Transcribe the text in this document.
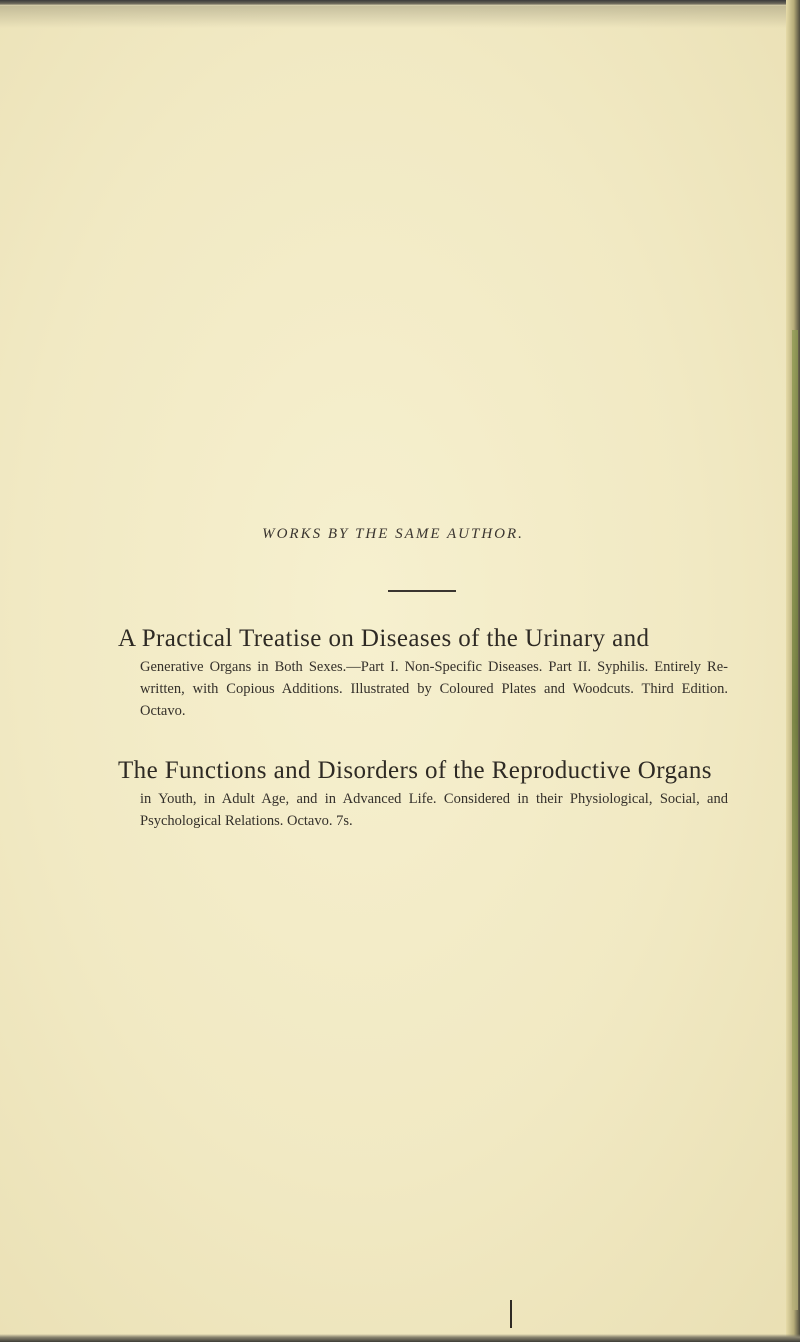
WORKS BY THE SAME AUTHOR.
A Practical Treatise on Diseases of the Urinary and
Generative Organs in Both Sexes.—Part I. Non-Specific Diseases. Part II. Syphilis. Entirely Re-written, with Copious Additions. Illustrated by Coloured Plates and Woodcuts. Third Edition. Octavo.
The Functions and Disorders of the Reproductive Organs
in Youth, in Adult Age, and in Advanced Life. Considered in their Physiological, Social, and Psychological Relations. Octavo. 7s.
